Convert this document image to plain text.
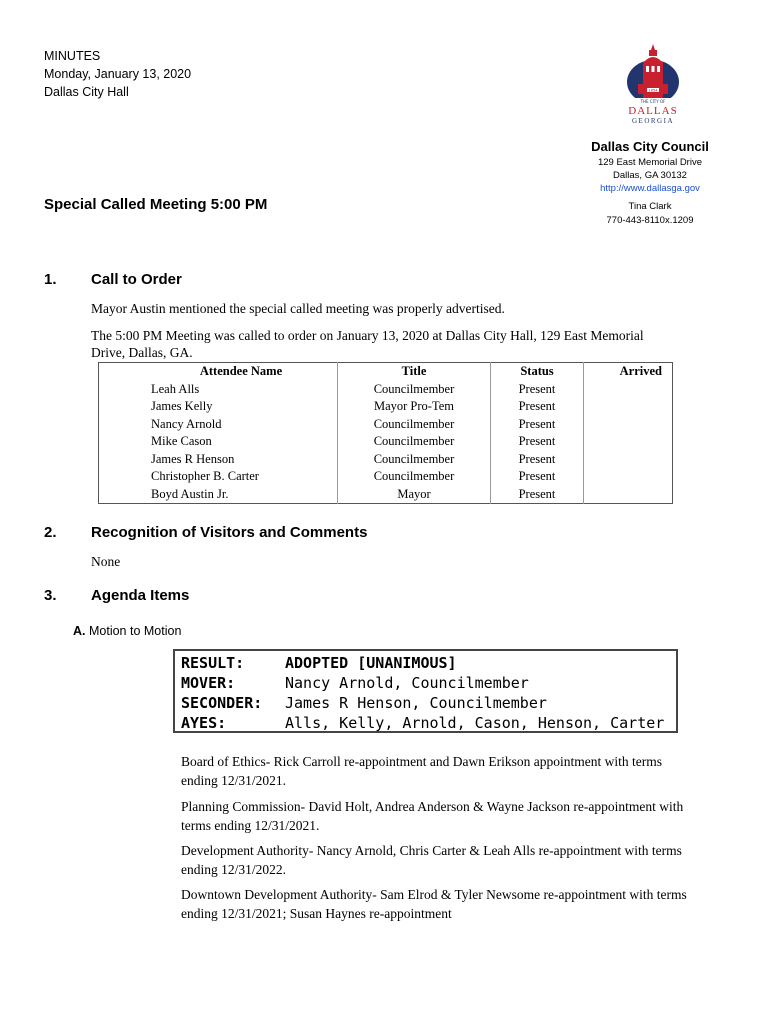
MINUTES
Monday, January 13, 2020
Dallas City Hall	1854
THE CITY OF
DALLAS
GEORGIA
Dallas City Council
129 East Memorial Drive
Dallas, GA 30132
http://www.dallasga.gov
Tina Clark
770-443-8110x.1209
Special Called Meeting 5:00 PM
1. Call to Order
Mayor Austin mentioned the special called meeting was properly advertised.
The 5:00 PM Meeting was called to order on January 13, 2020 at Dallas City Hall, 129 East Memorial Drive, Dallas, GA.
Attendee Name	Title	Status	Arrived
Leah Alls	Councilmember	Present	
James Kelly	Mayor Pro-Tem	Present	
Nancy Arnold	Councilmember	Present	
Mike Cason	Councilmember	Present	
James R Henson	Councilmember	Present	
Christopher B. Carter	Councilmember	Present	
Boyd Austin Jr.	Mayor	Present	
2. Recognition of Visitors and Comments
None
3. Agenda Items
A. Motion to Motion
RESULT:	ADOPTED [UNANIMOUS]
MOVER:	Nancy Arnold, Councilmember
SECONDER:	James R Henson, Councilmember
AYES:	Alls, Kelly, Arnold, Cason, Henson, Carter
Board of Ethics- Rick Carroll re-appointment and Dawn Erikson appointment with terms ending 12/31/2021.
Planning Commission- David Holt, Andrea Anderson & Wayne Jackson re-appointment with terms ending 12/31/2021.
Development Authority- Nancy Arnold, Chris Carter & Leah Alls re-appointment with terms ending 12/31/2022.
Downtown Development Authority- Sam Elrod & Tyler Newsome re-appointment with terms ending 12/31/2021; Susan Haynes re-appointment
